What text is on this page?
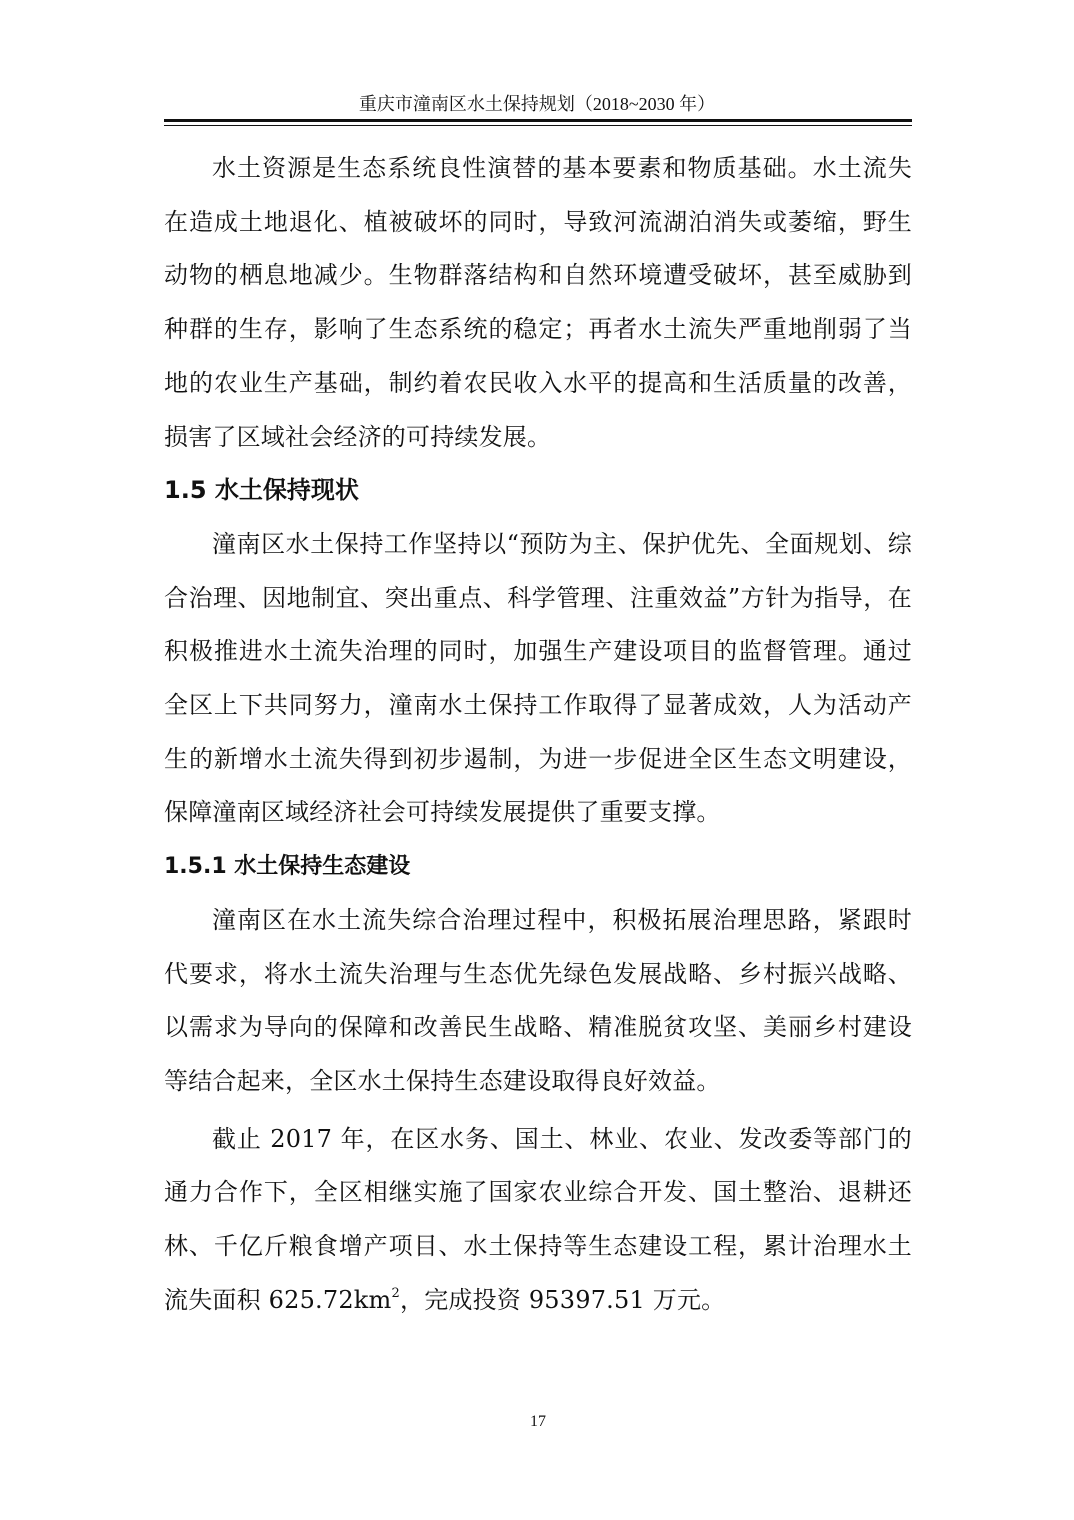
重庆市潼南区水土保持规划（2018~2030 年）

水土资源是生态系统良性演替的基本要素和物质基础。水土流失在造成土地退化、植被破坏的同时，导致河流湖泊消失或萎缩，野生动物的栖息地减少。生物群落结构和自然环境遭受破坏，甚至威胁到种群的生存，影响了生态系统的稳定；再者水土流失严重地削弱了当地的农业生产基础，制约着农民收入水平的提高和生活质量的改善，损害了区域社会经济的可持续发展。

1.5 水土保持现状

潼南区水土保持工作坚持以“预防为主、保护优先、全面规划、综合治理、因地制宜、突出重点、科学管理、注重效益”方针为指导，在积极推进水土流失治理的同时，加强生产建设项目的监督管理。通过全区上下共同努力，潼南水土保持工作取得了显著成效，人为活动产生的新增水土流失得到初步遏制，为进一步促进全区生态文明建设，保障潼南区域经济社会可持续发展提供了重要支撑。

1.5.1 水土保持生态建设

潼南区在水土流失综合治理过程中，积极拓展治理思路，紧跟时代要求，将水土流失治理与生态优先绿色发展战略、乡村振兴战略、以需求为导向的保障和改善民生战略、精准脱贫攻坚、美丽乡村建设等结合起来，全区水土保持生态建设取得良好效益。

截止 2017 年，在区水务、国土、林业、农业、发改委等部门的通力合作下，全区相继实施了国家农业综合开发、国土整治、退耕还林、千亿斤粮食增产项目、水土保持等生态建设工程，累计治理水土流失面积 $625.72km^2$，完成投资 95397.51 万元。

17
